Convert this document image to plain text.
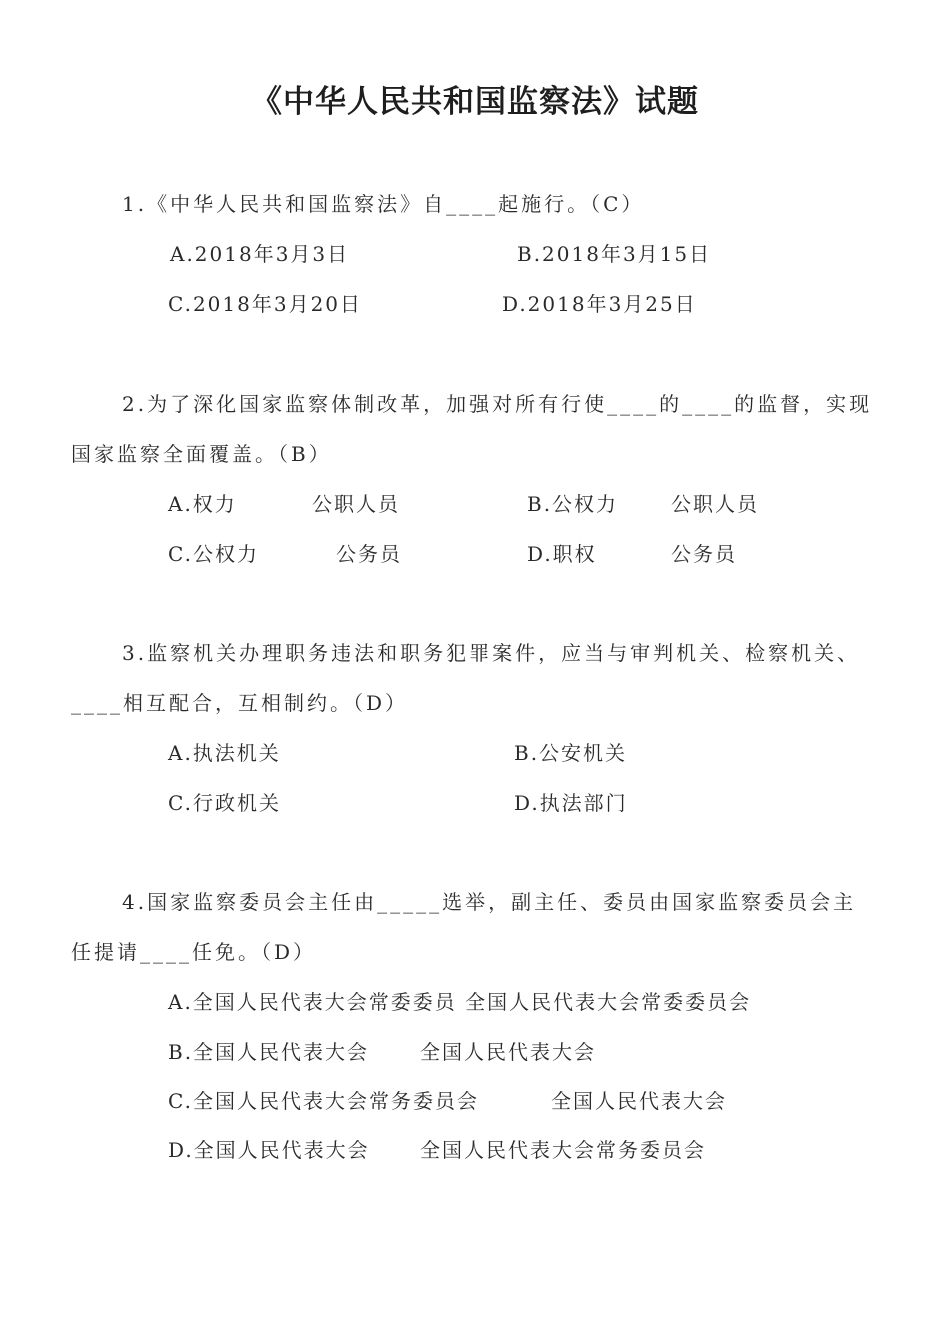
《中华人民共和国监察法》试题
1.《中华人民共和国监察法》自____起施行。（C）
A.2018年3月3日	B.2018年3月15日
C.2018年3月20日	D.2018年3月25日
2.为了深化国家监察体制改革，加强对所有行使____的____的监督，实现
国家监察全面覆盖。（B）
A.权力	公职人员	B.公权力	公职人员
C.公权力	公务员	D.职权	公务员
3.监察机关办理职务违法和职务犯罪案件，应当与审判机关、检察机关、
____相互配合，互相制约。（D）
A.执法机关	B.公安机关
C.行政机关	D.执法部门
4.国家监察委员会主任由_____选举，副主任、委员由国家监察委员会主
任提请____任免。（D）
A.全国人民代表大会常委委员 全国人民代表大会常委委员会
B.全国人民代表大会	全国人民代表大会
C.全国人民代表大会常务委员会	全国人民代表大会
D.全国人民代表大会	全国人民代表大会常务委员会
